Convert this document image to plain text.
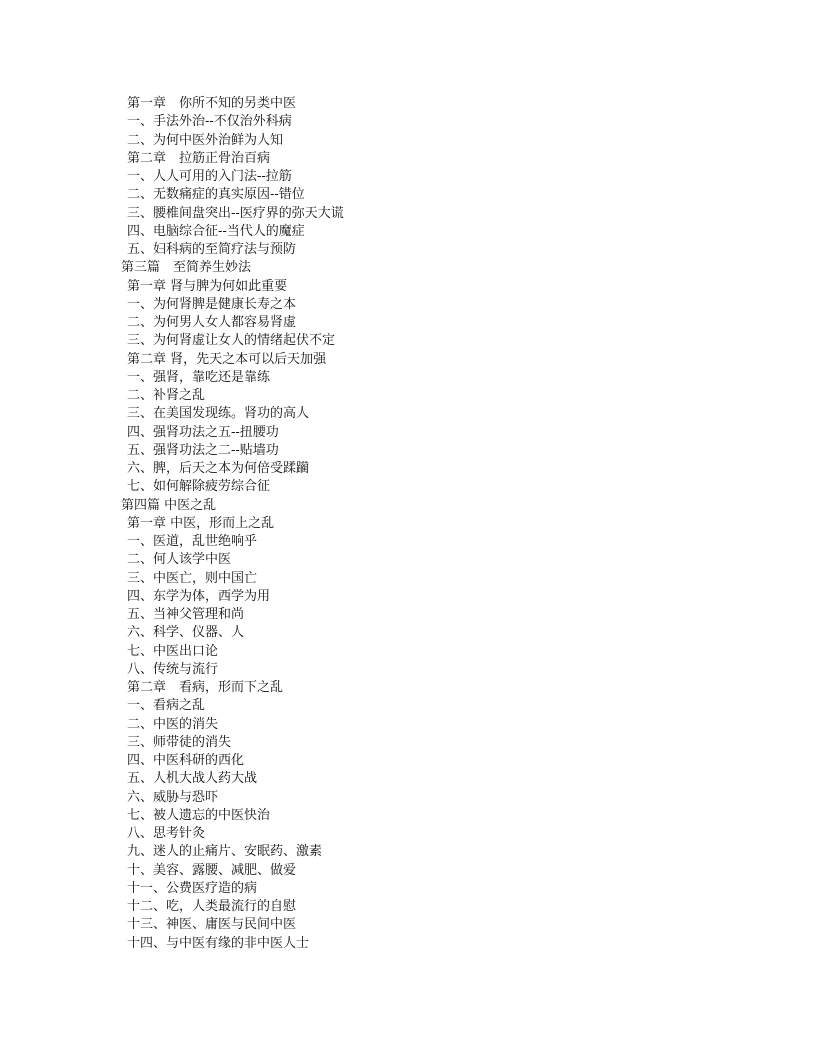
第一章　你所不知的另类中医
一、手法外治--不仅治外科病
二、为何中医外治鲜为人知
第二章　拉筋正骨治百病
一、人人可用的入门法--拉筋
二、无数痛症的真实原因--错位
三、腰椎间盘突出--医疗界的弥天大谎
四、电脑综合征--当代人的魔症
五、妇科病的至简疗法与预防
第三篇　至简养生妙法
第一章 肾与脾为何如此重要
一、为何肾脾是健康长寿之本
二、为何男人女人都容易肾虚
三、为何肾虚让女人的情绪起伏不定
第二章 肾，先天之本可以后天加强
一、强肾，靠吃还是靠练
二、补肾之乱
三、在美国发现练。肾功的高人
四、强肾功法之五--扭腰功
五、强肾功法之二--贴墙功
六、脾，后天之本为何倍受蹂躏
七、如何解除疲劳综合征
第四篇 中医之乱
第一章 中医，形而上之乱
一、医道，乱世绝响乎
二、何人该学中医
三、中医亡，则中国亡
四、东学为体，西学为用
五、当神父管理和尚
六、科学、仪器、人
七、中医出口论
八、传统与流行
第二章　看病，形而下之乱
一、看病之乱
二、中医的消失
三、师带徒的消失
四、中医科研的西化
五、人机大战人药大战
六、威胁与恐吓
七、被人遗忘的中医快治
八、思考针灸
九、迷人的止痛片、安眠药、激素
十、美容、露腰、减肥、做爱
十一、公费医疗造的病
十二、吃，人类最流行的自慰
十三、神医、庸医与民间中医
十四、与中医有缘的非中医人士
